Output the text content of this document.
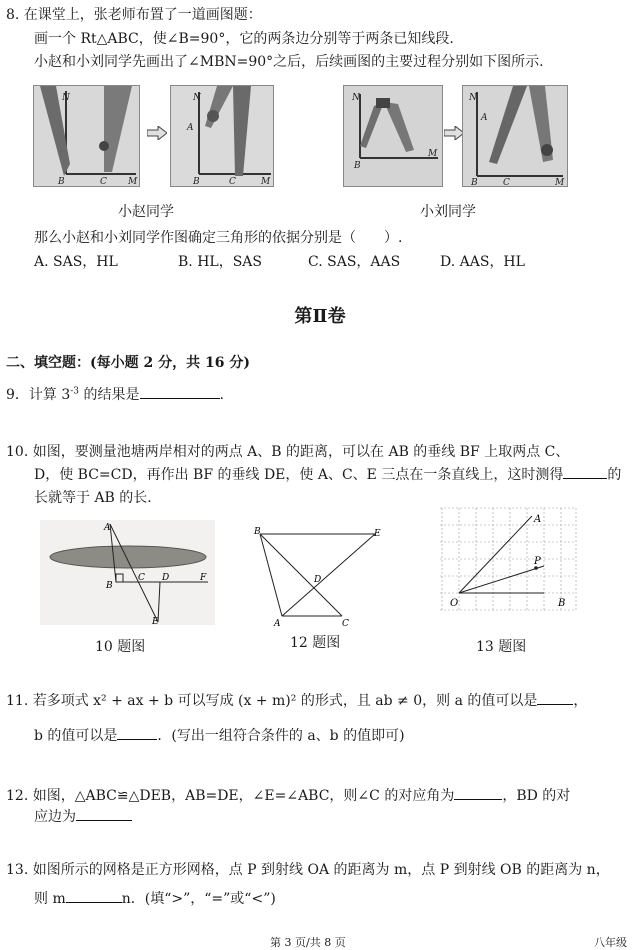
8. 在课堂上，张老师布置了一道画图题：
画一个 Rt△ABC，使∠B=90°，它的两条边分别等于两条已知线段.
小赵和小刘同学先画出了∠MBN=90°之后，后续画图的主要过程分别如下图所示.
N
B	C M
N
A
B	C	M
N
M
B
N
A
B	C	M
小赵同学	小刘同学
那么小赵和小刘同学作图确定三角形的依据分别是（　　）.
A. SAS，HL	B. HL，SAS	C. SAS，AAS	D. AAS，HL
第Ⅱ卷
二、填空题：(每小题 2 分，共 16 分)
9．计算 $3^{-3}$ 的结果是	.
10. 如图，要测量池塘两岸相对的两点 A、B 的距离，可以在 AB 的垂线 BF 上取两点 C、
D，使 BC=CD，再作出 BF 的垂线 DE，使 A、C、E 三点在一条直线上，这时测得	的
长就等于 AB 的长.
A
B
C D	F
E
10 题图
B	E
D
A	C
12 题图
A
P
O	B
13 题图
11. 若多项式 x² + ax + b 可以写成 (x + m)² 的形式，且 ab ≠ 0，则 a 的值可以是	，
b 的值可以是	．(写出一组符合条件的 a、b 的值即可)
12. 如图，△ABC≌△DEB，AB=DE，∠E=∠ABC，则∠C 的对应角为	，BD 的对
应边为
13. 如图所示的网格是正方形网格，点 P 到射线 OA 的距离为 m，点 P 到射线 OB 的距离为 n，
则 m	n．(填“>”，“=”或“<”)
第 3 页/共 8 页	八年级
